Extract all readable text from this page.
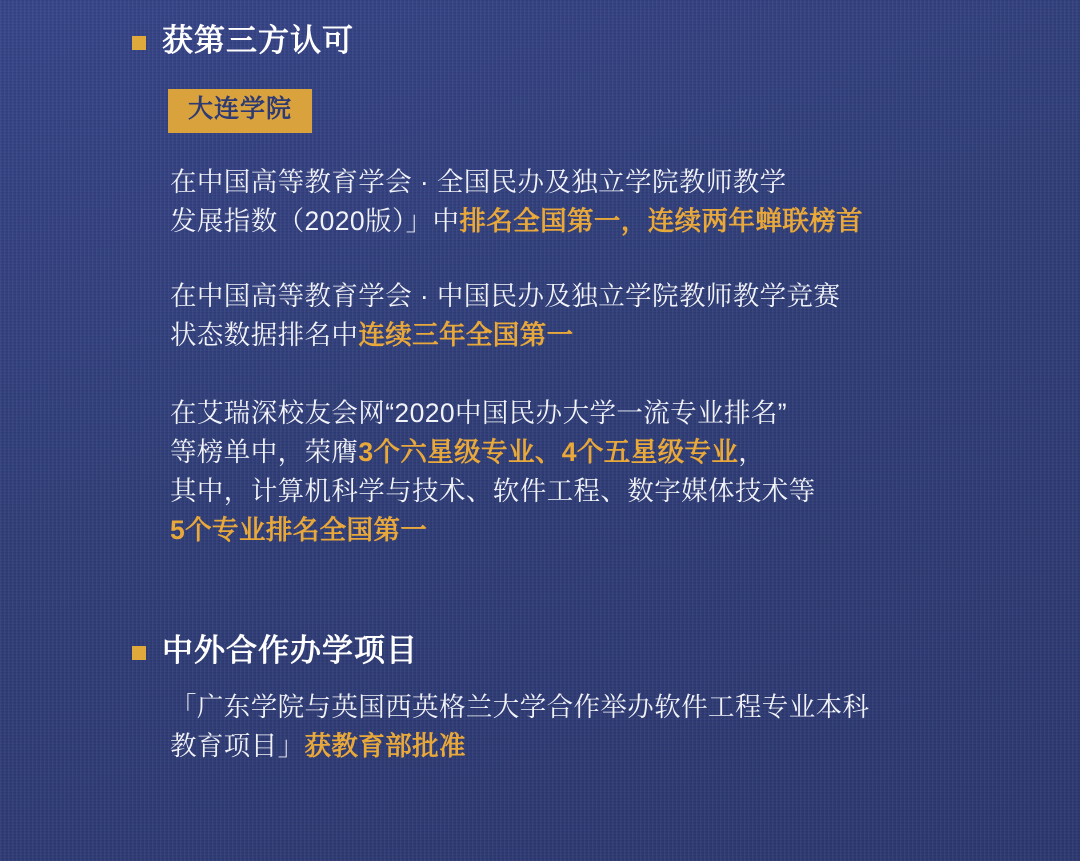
获第三方认可
大连学院
在中国高等教育学会 · 全国民办及独立学院教师教学
发展指数（2020版）」中排名全国第一，连续两年蝉联榜首
在中国高等教育学会 · 中国民办及独立学院教师教学竞赛
状态数据排名中连续三年全国第一
在艾瑞深校友会网“2020中国民办大学一流专业排名”
等榜单中，荣膺3个六星级专业、4个五星级专业，
其中，计算机科学与技术、软件工程、数字媒体技术等
5个专业排名全国第一
中外合作办学项目
「广东学院与英国西英格兰大学合作举办软件工程专业本科
教育项目」获教育部批准
